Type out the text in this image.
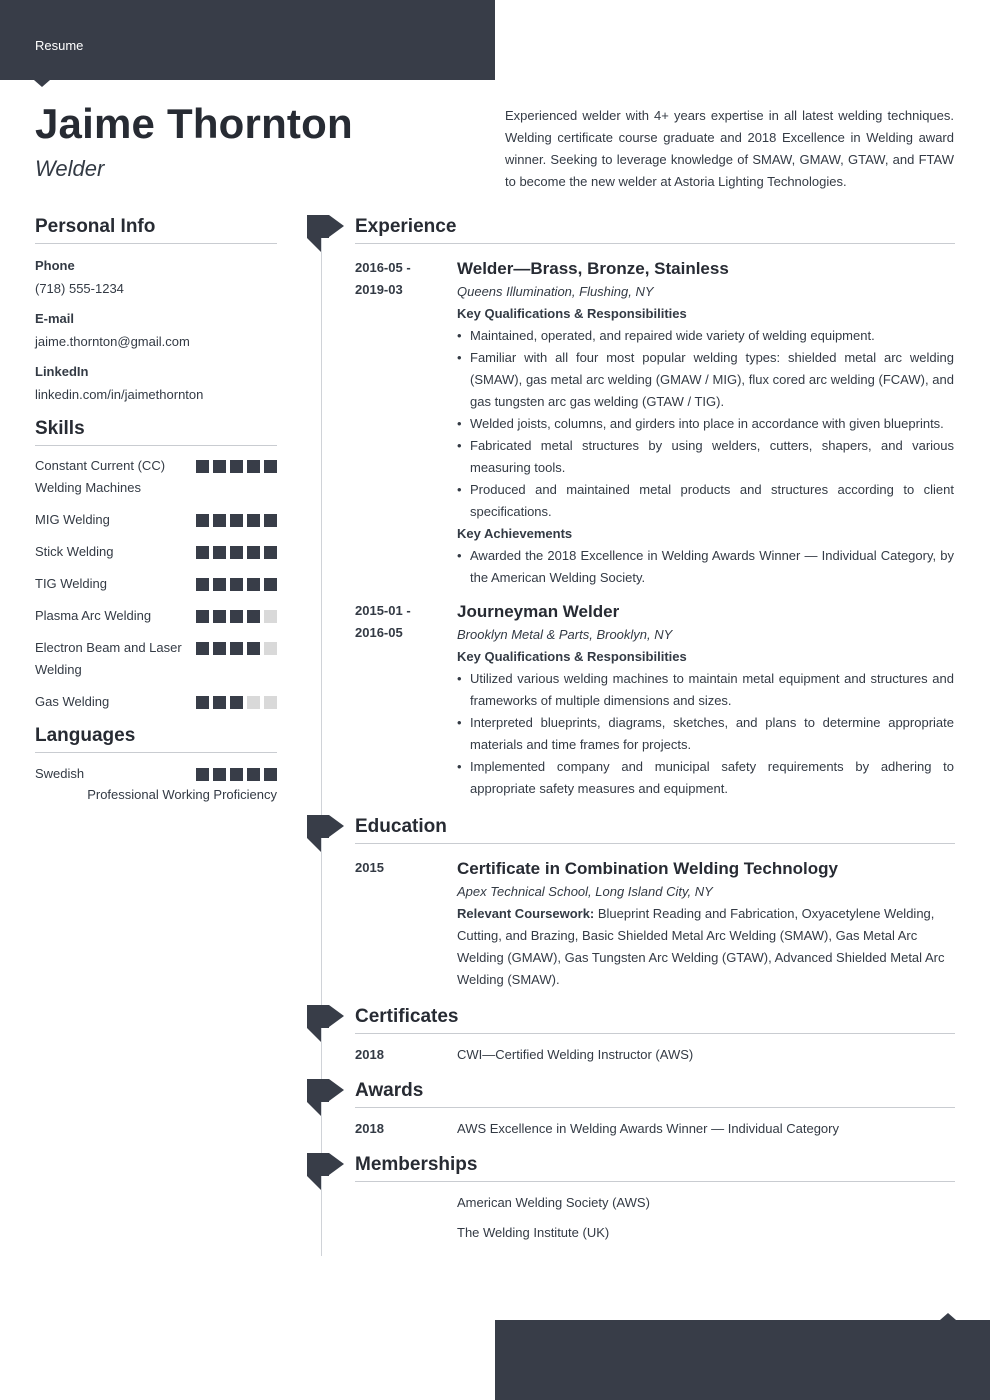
Resume
Jaime Thornton
Welder
Experienced welder with 4+ years expertise in all latest welding techniques. Welding certificate course graduate and 2018 Excellence in Welding award winner. Seeking to leverage knowledge of SMAW, GMAW, GTAW, and FTAW to become the new welder at Astoria Lighting Technologies.
Personal Info
Phone
(718) 555-1234
E-mail
jaime.thornton@gmail.com
LinkedIn
linkedin.com/in/jaimethornton
Skills
Constant Current (CC) Welding Machines
MIG Welding
Stick Welding
TIG Welding
Plasma Arc Welding
Electron Beam and Laser Welding
Gas Welding
Languages
Swedish
Professional Working Proficiency
Experience
2016-05 - 2019-03
Welder—Brass, Bronze, Stainless
Queens Illumination, Flushing, NY
Key Qualifications & Responsibilities
• Maintained, operated, and repaired wide variety of welding equipment.
• Familiar with all four most popular welding types: shielded metal arc welding (SMAW), gas metal arc welding (GMAW / MIG), flux cored arc welding (FCAW), and gas tungsten arc gas welding (GTAW / TIG).
• Welded joists, columns, and girders into place in accordance with given blueprints.
• Fabricated metal structures by using welders, cutters, shapers, and various measuring tools.
• Produced and maintained metal products and structures according to client specifications.
Key Achievements
• Awarded the 2018 Excellence in Welding Awards Winner — Individual Category, by the American Welding Society.
2015-01 - 2016-05
Journeyman Welder
Brooklyn Metal & Parts, Brooklyn, NY
Key Qualifications & Responsibilities
• Utilized various welding machines to maintain metal equipment and structures and frameworks of multiple dimensions and sizes.
• Interpreted blueprints, diagrams, sketches, and plans to determine appropriate materials and time frames for projects.
• Implemented company and municipal safety requirements by adhering to appropriate safety measures and equipment.
Education
2015	Certificate in Combination Welding Technology
Apex Technical School, Long Island City, NY
Relevant Coursework: Blueprint Reading and Fabrication, Oxyacetylene Welding, Cutting, and Brazing, Basic Shielded Metal Arc Welding (SMAW), Gas Metal Arc Welding (GMAW), Gas Tungsten Arc Welding (GTAW), Advanced Shielded Metal Arc Welding (SMAW).
Certificates
2018	CWI—Certified Welding Instructor (AWS)
Awards
2018	AWS Excellence in Welding Awards Winner — Individual Category
Memberships
American Welding Society (AWS)
The Welding Institute (UK)
